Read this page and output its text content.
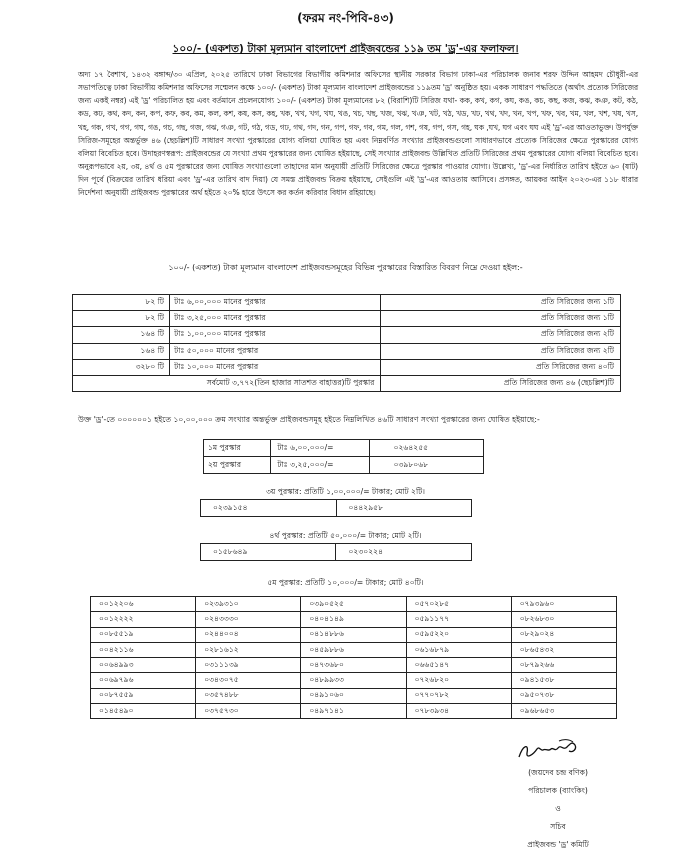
(ফরম নং-পিবি-৪৩)
১০০/- (একশত) টাকা মূল্যমান বাংলাদেশ প্রাইজবন্ডের ১১৯ তম 'ড্র'-এর ফলাফল।

অদ্য ১৭ বৈশাখ, ১৪৩২ বঙ্গাব্দ/৩০ এপ্রিল, ২০২৫ তারিখে ঢাকা বিভাগের বিভাগীয় কমিশনার অফিসের স্থানীয় সরকার বিভাগ ঢাকা-এর পরিচালক জনাব শরফ উদ্দিন আহমদ চৌধুরী-এর সভাপতিত্বে ঢাকা বিভাগীয় কমিশনার অফিসের সম্মেলন কক্ষে ১০০/- (একশত) টাকা মূল্যমান বাংলাদেশ প্রাইজবন্ডের ১১৯তম 'ড্র' অনুষ্ঠিত হয়। একক সাধারণ পদ্ধতিতে (অর্থাৎ প্রত্যেক সিরিজের জন্য একই নম্বর) এই 'ড্র' পরিচালিত হয় এবং বর্তমানে প্রচলনযোগ্য ১০০/- (একশত) টাকা মূল্যমানের ৮২ (বিরাশি)টি সিরিজ যথা- কক, কখ, কগ, কঘ, কঙ, কচ, কছ, কজ, কঝ, কঞ, কট, কঠ, কড, কঢ, কথ, কদ, কন, কপ, কফ, কব, কম, কল, কশ, কষ, কস, কহ, খক, খখ, খগ, খঘ, খঙ, খচ, খছ, খজ, খঝ, খঞ, খট, খঠ, খড, খঢ, খথ, খদ, খন, খপ, খফ, খব, খম, খল, খশ, খষ, খস, খহ, গক, গখ, গগ, গঘ, গঙ, গচ, গছ, গজ, গঝ, গঞ, গট, গঠ, গড, গঢ, গথ, গদ, গন, গপ, গফ, গব, গম, গল, গশ, গষ, গপ, গস, গহ, ঘক ,ঘখ, ঘগ এবং ঘঘ এই 'ড্র'-এর আওতাভুক্ত। উপর্যুক্ত সিরিজ-সমূহের অন্তর্ভুক্ত ৪৬ (ছেচল্লিশ)টি সাধারণ সংখ্যা পুরস্কারের যোগ্য বলিয়া ঘোষিত হয় এবং নিম্নবর্ণিত সংখ্যার প্রাইজবন্ডগুলো সাধারণভাবে প্রত্যেক সিরিজের ক্ষেত্রে পুরস্কারের যোগ্য বলিয়া বিবেচিত হবে। উদাহরণস্বরূপ: প্রাইজবন্ডের যে সংখ্যা প্রথম পুরস্কারের জন্য ঘোষিত হইয়াছে, সেই সংখ্যার প্রাইজবন্ড উল্লিখিত প্রতিটি সিরিজের প্রথম পুরস্কারের যোগ্য বলিয়া বিবেচিত হবে। অনুরূপভাবে ২য়, ৩য়, ৪র্থ ও ৫ম পুরস্কারের জন্য ঘোষিত সংখ্যাগুলো তাহাদের মান অনুযায়ী প্রতিটি সিরিজের ক্ষেত্রে পুরস্কার পাওয়ার যোগ্য। উল্লেখ্য, 'ড্র'-এর নির্ধারিত তারিখ হইতে ৬০ (ষাট) দিন পূর্বে (বিক্রয়ের তারিখ ধরিয়া এবং 'ড্র'-এর তারিখ বাদ দিয়া) যে সমস্ত প্রাইজবন্ড বিক্রয় হইয়াছে, সেইগুলি এই 'ড্র'-এর আওতায় আসিবে। প্রসঙ্গত, আয়কর আইন ২০২৩-এর ১১৮ ধারার নির্দেশনা অনুযায়ী প্রাইজবন্ড পুরস্কারের অর্থ হইতে ২০% হারে উৎসে কর কর্তন করিবার বিধান রহিয়াছে।

১০০/- (একশত) টাকা মূল্যমান বাংলাদেশ প্রাইজবন্ডসমূহের বিভিন্ন পুরস্কারের বিস্তারিত বিবরণ নিম্নে দেওয়া হইল:-
৮২ টি	টাঃ ৬,০০,০০০ মানের পুরস্কার	প্রতি সিরিজের জন্য ১টি
৮২ টি	টাঃ ৩,২৫,০০০ মানের পুরস্কার	প্রতি সিরিজের জন্য ১টি
১৬৪ টি	টাঃ ১,০০,০০০ মানের পুরস্কার	প্রতি সিরিজের জন্য ২টি
১৬৪ টি	টাঃ ৫০,০০০ মানের পুরস্কার	প্রতি সিরিজের জন্য ২টি
৩২৮০ টি	টাঃ ১০,০০০ মানের পুরস্কার	প্রতি সিরিজের জন্য ৪০টি
সর্বমোট ৩,৭৭২(তিন হাজার সাতশত বাহাত্তর)টি পুরস্কার		প্রতি সিরিজের জন্য ৪৬ (ছেচল্লিশ)টি
উক্ত 'ড্র'-তে ০০০০০০১ হইতে ১০,০০,০০০ ক্রম সংখ্যার অন্তর্ভুক্ত প্রাইজবন্ডসমূহ হইতে নিম্নলিখিত ৪৬টি সাধারণ সংখ্যা পুরস্কারের জন্য ঘোষিত হইয়াছে:-
১ম পুরস্কার	টাঃ ৬,০০,০০০/=	০২৬৪২৫৫
২য় পুরস্কার	টাঃ ৩,২৫,০০০/=	০৩৯৮০৬৮
৩য় পুরস্কার: প্রতিটি ১,০০,০০০/= টাকার; মোট ২টি।
০২৩৯১৫৪	০৪৪২৯৫৮
৪র্থ পুরস্কার: প্রতিটি ৫০,০০০/= টাকার; মোট ২টি।
০১৫৮৬৪৯	০২৩০২২৪
৫ম পুরস্কার: প্রতিটি ১০,০০০/= টাকার; মোট ৪০টি।
০০১২২০৬	০২৩৯৩১০	০৩৯০৫২৫	০৫৭০২৮৫	০৭৯৩৯৬০
০০১২২২২	০২৪৩৩৩০	০৪০৪১৪৯	০৫৯১১৭৭	০৮২৬৮৩০
০০৮৫৫১৯	০২৪৪০০৪	০৪১৪৮৮৬	০৫৯৫২২০	০৮২৯০২৪
০০৪২১১৬	০২৮১৬১২	০৪৫৯৮৮৬	০৬১৬৮৭৯	০৮৬৫৪৩২
০০৬৪৯৯৩	০৩১১১৩৯	০৪৭৩৬৮০	০৬৬৫১৪৭	০৮৭৯২৬৬
০০৬৯৭৯৬	০৩৪৩০৭৫	০৪৮৯৯৩৩	০৭২৬৮২০	০৯৪১৫৩৮
০০৮৭৫৫৯	০৩৫৭৪৮৮	০৪৯১০৬০	০৭৭০৭৮২	০৯৫০৭৩৮
০১৪৫৪৯০	০৩৭৫৭৩০	০৪৯৭১৪১	০৭৮৩৯৩৪	০৯৬৮৬৫৩
(জয়দেব চন্দ্র বণিক)
পরিচালক (ব্যাংকিং)
ও
সচিব
প্রাইজবন্ড 'ড্র' কমিটি
